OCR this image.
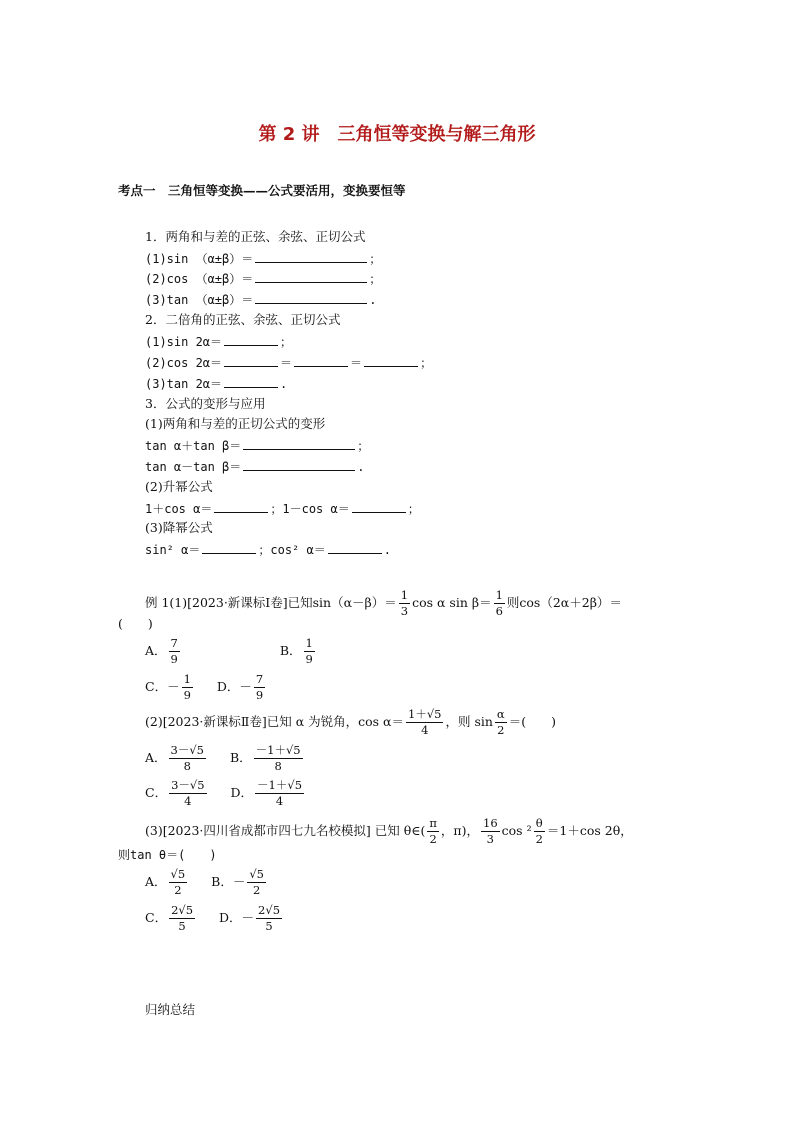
第 2 讲　三角恒等变换与解三角形
考点一　三角恒等变换——公式要活用，变换要恒等
1．两角和与差的正弦、余弦、正切公式
(1)sin （α±β）＝	；
(2)cos （α±β）＝	；
(3)tan （α±β）＝	.
2．二倍角的正弦、余弦、正切公式
(1)sin 2α＝	；
(2)cos 2α＝	＝	＝	；
(3)tan 2α＝	.
3．公式的变形与应用
(1)两角和与差的正切公式的变形
tan α＋tan β＝	；
tan α－tan β＝	.
(2)升幂公式
1＋cos α＝	；1－cos α＝	；
(3)降幂公式
sin² α＝	；cos² α＝	.
例 1(1)[2023·新课标Ⅰ卷]已知$\sin(\alpha-\beta)= \frac{1}{3}$ cos α $\sin \beta= \frac{1}{6}$ 则cos（2α＋2β）＝
(　　)
A． $\frac{7}{9}$	B． $\frac{1}{9}$
C．－ $\frac{1}{9}$ D．－ $\frac{7}{9}$
(2)[2023·新课标Ⅱ卷]已知 α 为锐角，$\cos \alpha= \frac{1+√5}{4}$ ，则 $\sin \frac{\alpha}{2}$ ＝(　　)
A． $\frac{3-√5}{8}$ B． $\frac{-1+√5}{8}$
C． $\frac{3-√5}{4}$ D． $\frac{-1+√5}{4}$
(3)[2023·四川省成都市四七九名校模拟] 已知 θ∈( $\frac{\pi}{2}$ ，π)， $\frac{16}{3}$ $\cos ^2 \frac{\theta}{2} =1+\cos$ 2θ，
则tan θ＝(　　)
A． $\frac{√5}{2}$ B．－ $\frac{√5}{2}$
C． $\frac{2√5}{5}$ D．－ $\frac{2√5}{5}$
归纳总结
